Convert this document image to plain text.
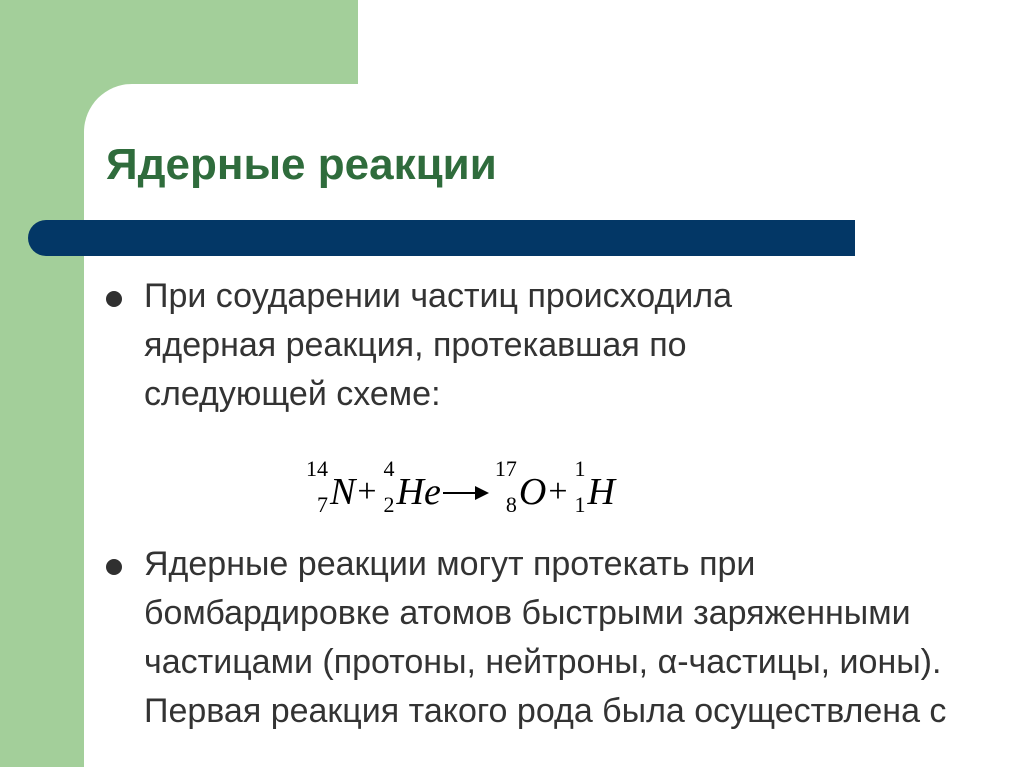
Ядерные реакции

При соударении частиц происходила ядерная реакция, протекавшая по следующей схеме:

14
7 N+
4
2 He→
17
8 O+
1
1 H

Ядерные реакции могут протекать при бомбардировке атомов быстрыми заряженными частицами (протоны, нейтроны, α-частицы, ионы). Первая реакция такого рода была осуществлена с
